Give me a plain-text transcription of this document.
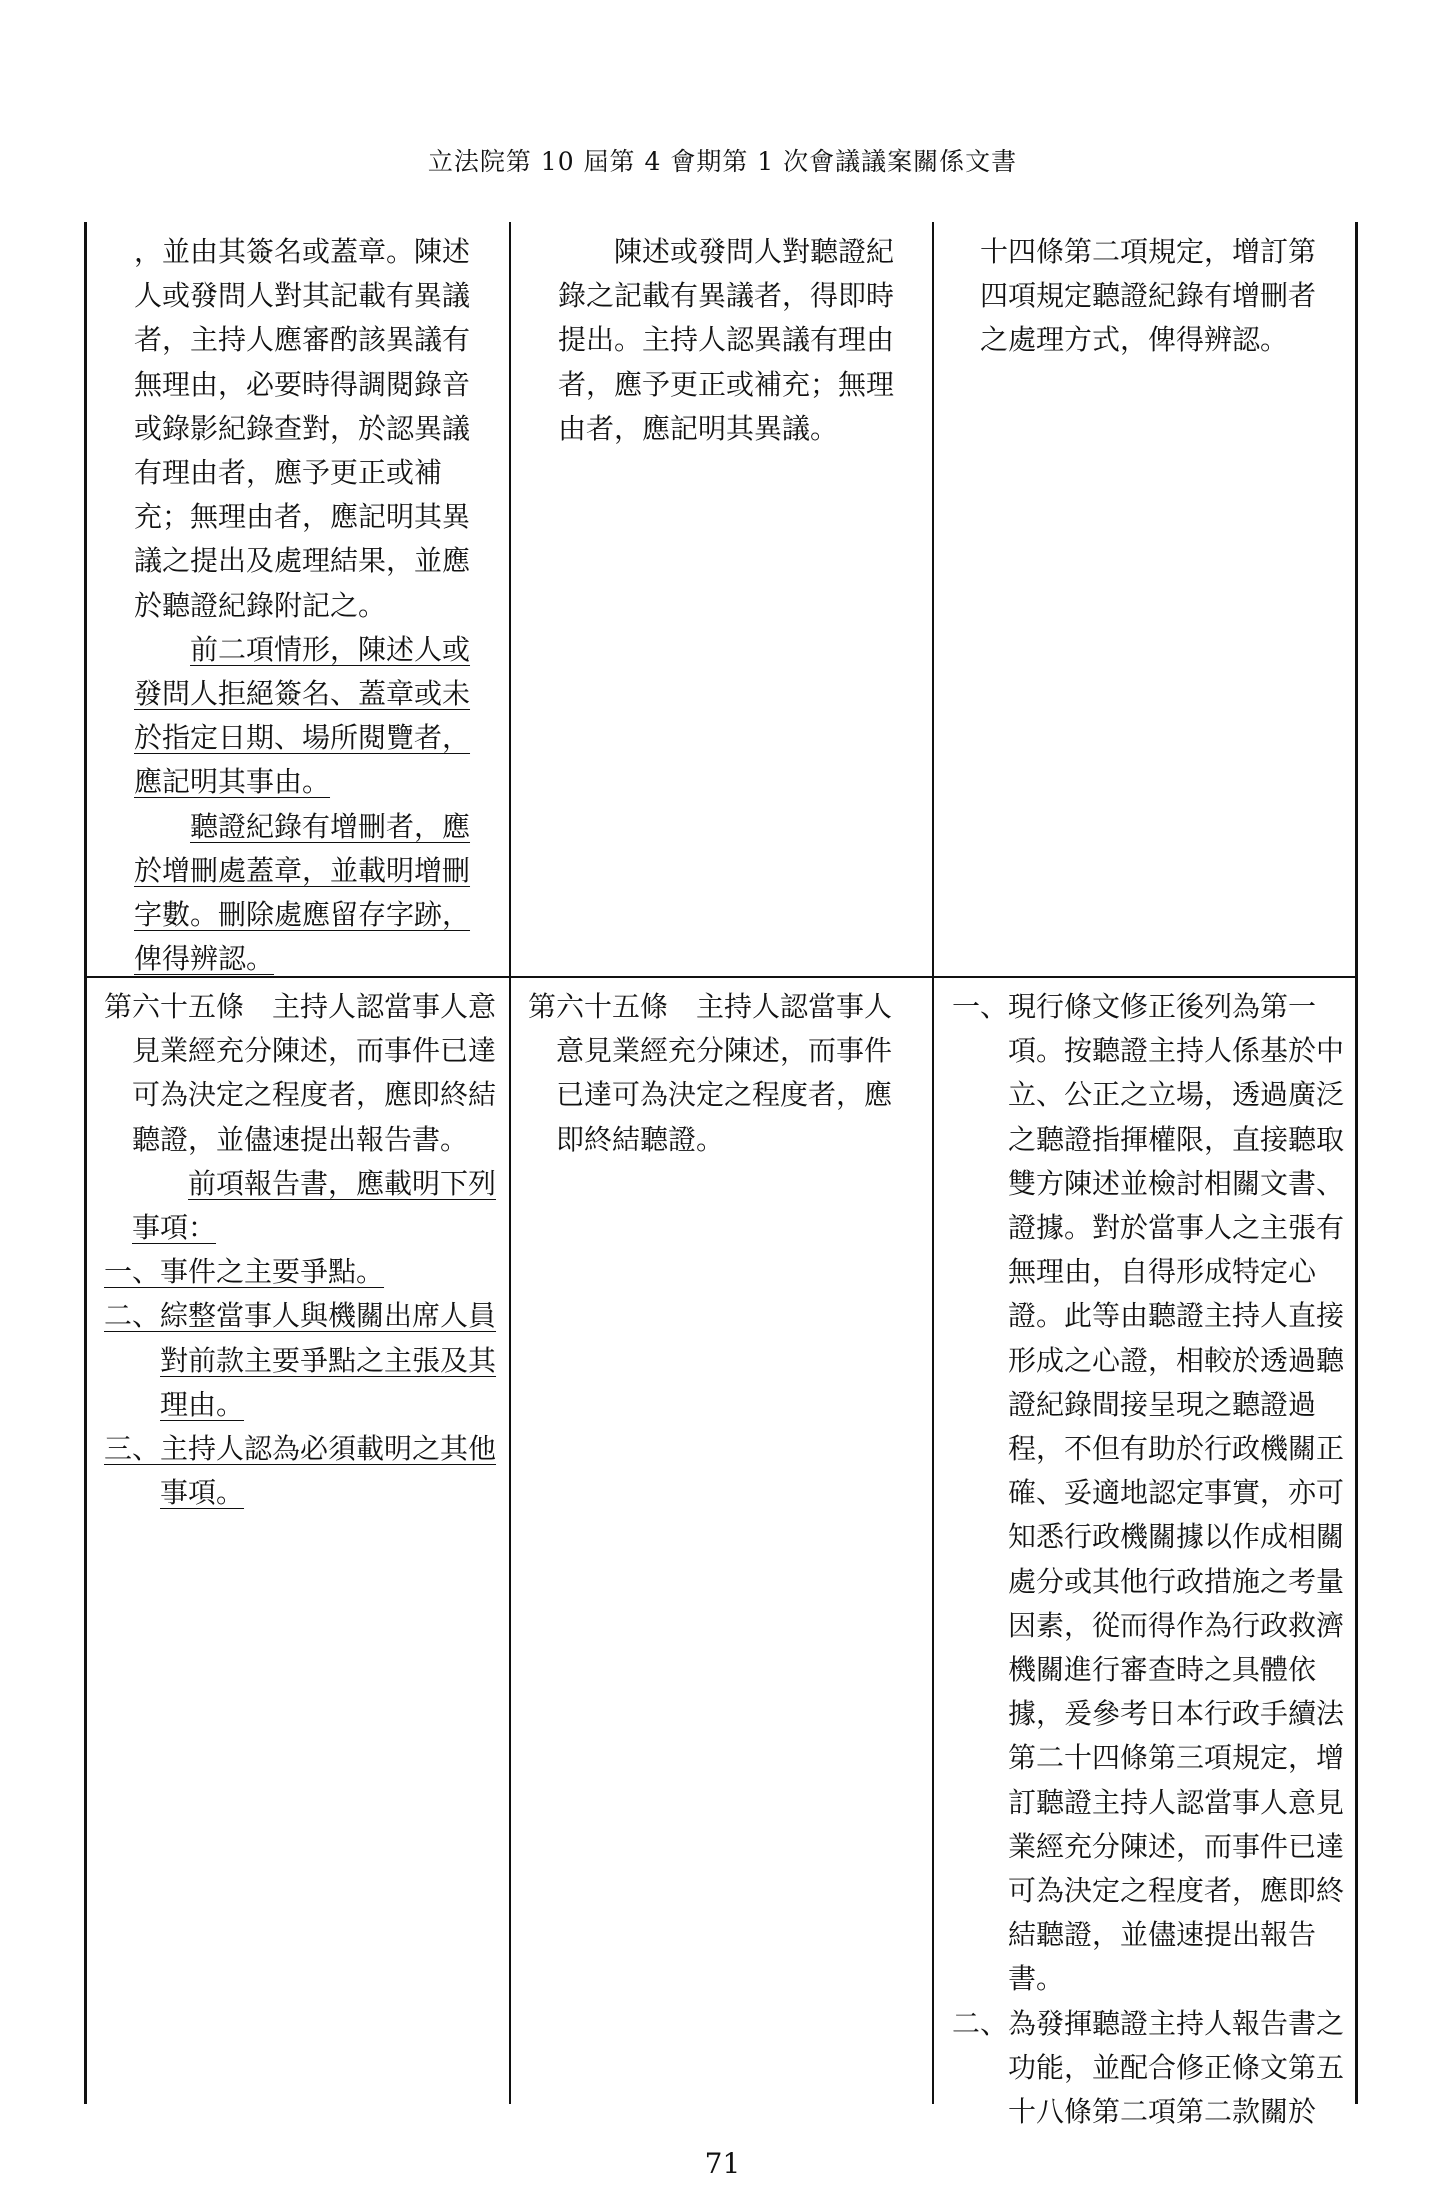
立法院第 10 屆第 4 會期第 1 次會議議案關係文書

，並由其簽名或蓋章。陳述人或發問人對其記載有異議者，主持人應審酌該異議有無理由，必要時得調閱錄音或錄影紀錄查對，於認異議有理由者，應予更正或補充；無理由者，應記明其異議之提出及處理結果，並應於聽證紀錄附記之。

前二項情形，陳述人或發問人拒絕簽名、蓋章或未於指定日期、場所閱覽者，應記明其事由。

聽證紀錄有增刪者，應於增刪處蓋章，並載明增刪字數。刪除處應留存字跡，俾得辨認。

陳述或發問人對聽證紀錄之記載有異議者，得即時提出。主持人認異議有理由者，應予更正或補充；無理由者，應記明其異議。

十四條第二項規定，增訂第四項規定聽證紀錄有增刪者之處理方式，俾得辨認。

第六十五條　主持人認當事人意見業經充分陳述，而事件已達可為決定之程度者，應即終結聽證，並儘速提出報告書。

前項報告書，應載明下列事項：

一、事件之主要爭點。

二、綜整當事人與機關出席人員對前款主要爭點之主張及其理由。

三、主持人認為必須載明之其他事項。

第六十五條　主持人認當事人意見業經充分陳述，而事件已達可為決定之程度者，應即終結聽證。

一、現行條文修正後列為第一項。按聽證主持人係基於中立、公正之立場，透過廣泛之聽證指揮權限，直接聽取雙方陳述並檢討相關文書、證據。對於當事人之主張有無理由，自得形成特定心證。此等由聽證主持人直接形成之心證，相較於透過聽證紀錄間接呈現之聽證過程，不但有助於行政機關正確、妥適地認定事實，亦可知悉行政機關據以作成相關處分或其他行政措施之考量因素，從而得作為行政救濟機關進行審查時之具體依據，爰參考日本行政手續法第二十四條第三項規定，增訂聽證主持人認當事人意見業經充分陳述，而事件已達可為決定之程度者，應即終結聽證，並儘速提出報告書。

二、為發揮聽證主持人報告書之功能，並配合修正條文第五十八條第二項第二款關於

71
